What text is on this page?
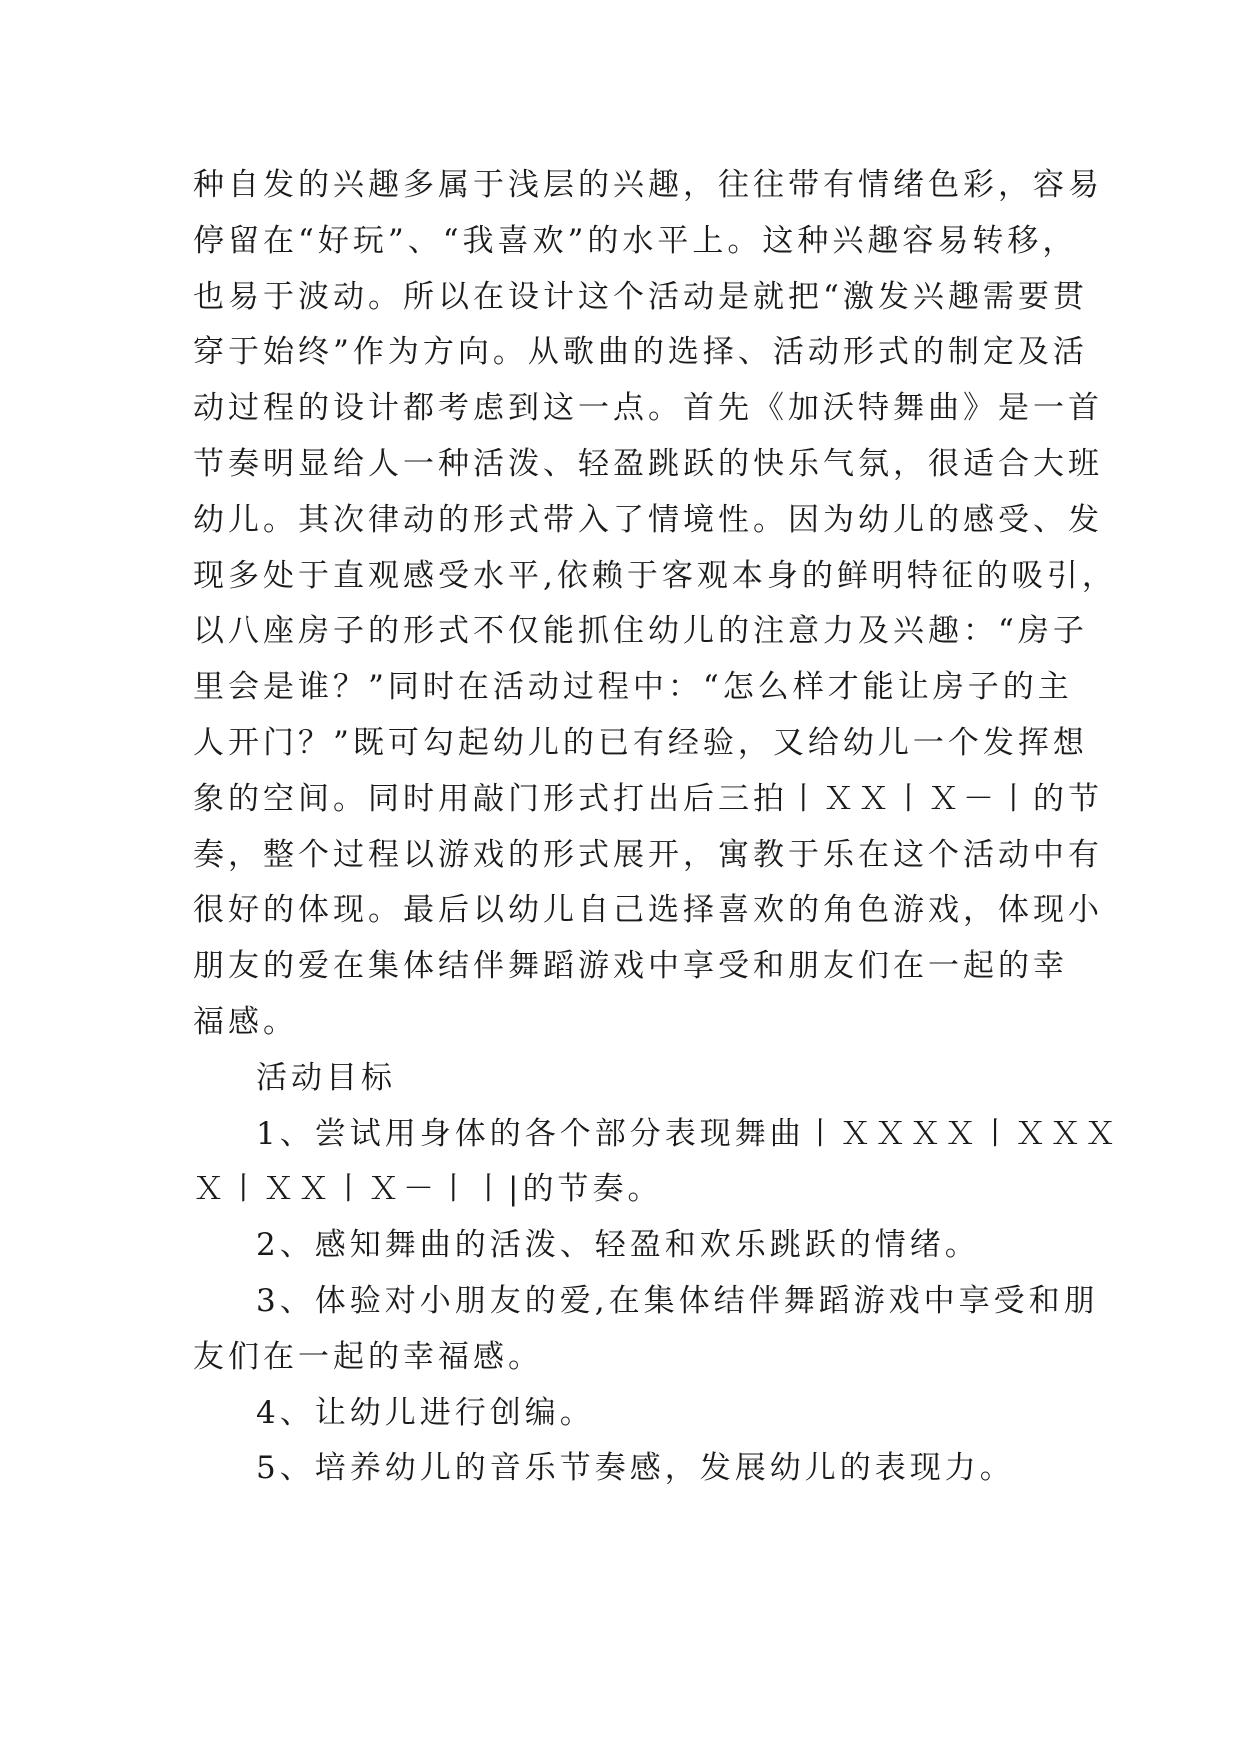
种自发的兴趣多属于浅层的兴趣，往往带有情绪色彩，容易
停留在“好玩”、“我喜欢”的水平上。这种兴趣容易转移，
也易于波动。所以在设计这个活动是就把“激发兴趣需要贯
穿于始终”作为方向。从歌曲的选择、活动形式的制定及活
动过程的设计都考虑到这一点。首先《加沃特舞曲》是一首
节奏明显给人一种活泼、轻盈跳跃的快乐气氛，很适合大班
幼儿。其次律动的形式带入了情境性。因为幼儿的感受、发
现多处于直观感受水平,依赖于客观本身的鲜明特征的吸引，
以八座房子的形式不仅能抓住幼儿的注意力及兴趣：“房子
里会是谁？”同时在活动过程中：“怎么样才能让房子的主
人开门？”既可勾起幼儿的已有经验，又给幼儿一个发挥想
象的空间。同时用敲门形式打出后三拍丨ＸＸ丨Ｘ－丨的节
奏，整个过程以游戏的形式展开，寓教于乐在这个活动中有
很好的体现。最后以幼儿自己选择喜欢的角色游戏，体现小
朋友的爱在集体结伴舞蹈游戏中享受和朋友们在一起的幸
福感。
活动目标
1、尝试用身体的各个部分表现舞曲丨ＸＸＸＸ丨ＸＸＸ
Ｘ丨ＸＸ丨Ｘ－丨丨|的节奏。
2、感知舞曲的活泼、轻盈和欢乐跳跃的情绪。
3、体验对小朋友的爱,在集体结伴舞蹈游戏中享受和朋
友们在一起的幸福感。
4、让幼儿进行创编。
5、培养幼儿的音乐节奏感，发展幼儿的表现力。
